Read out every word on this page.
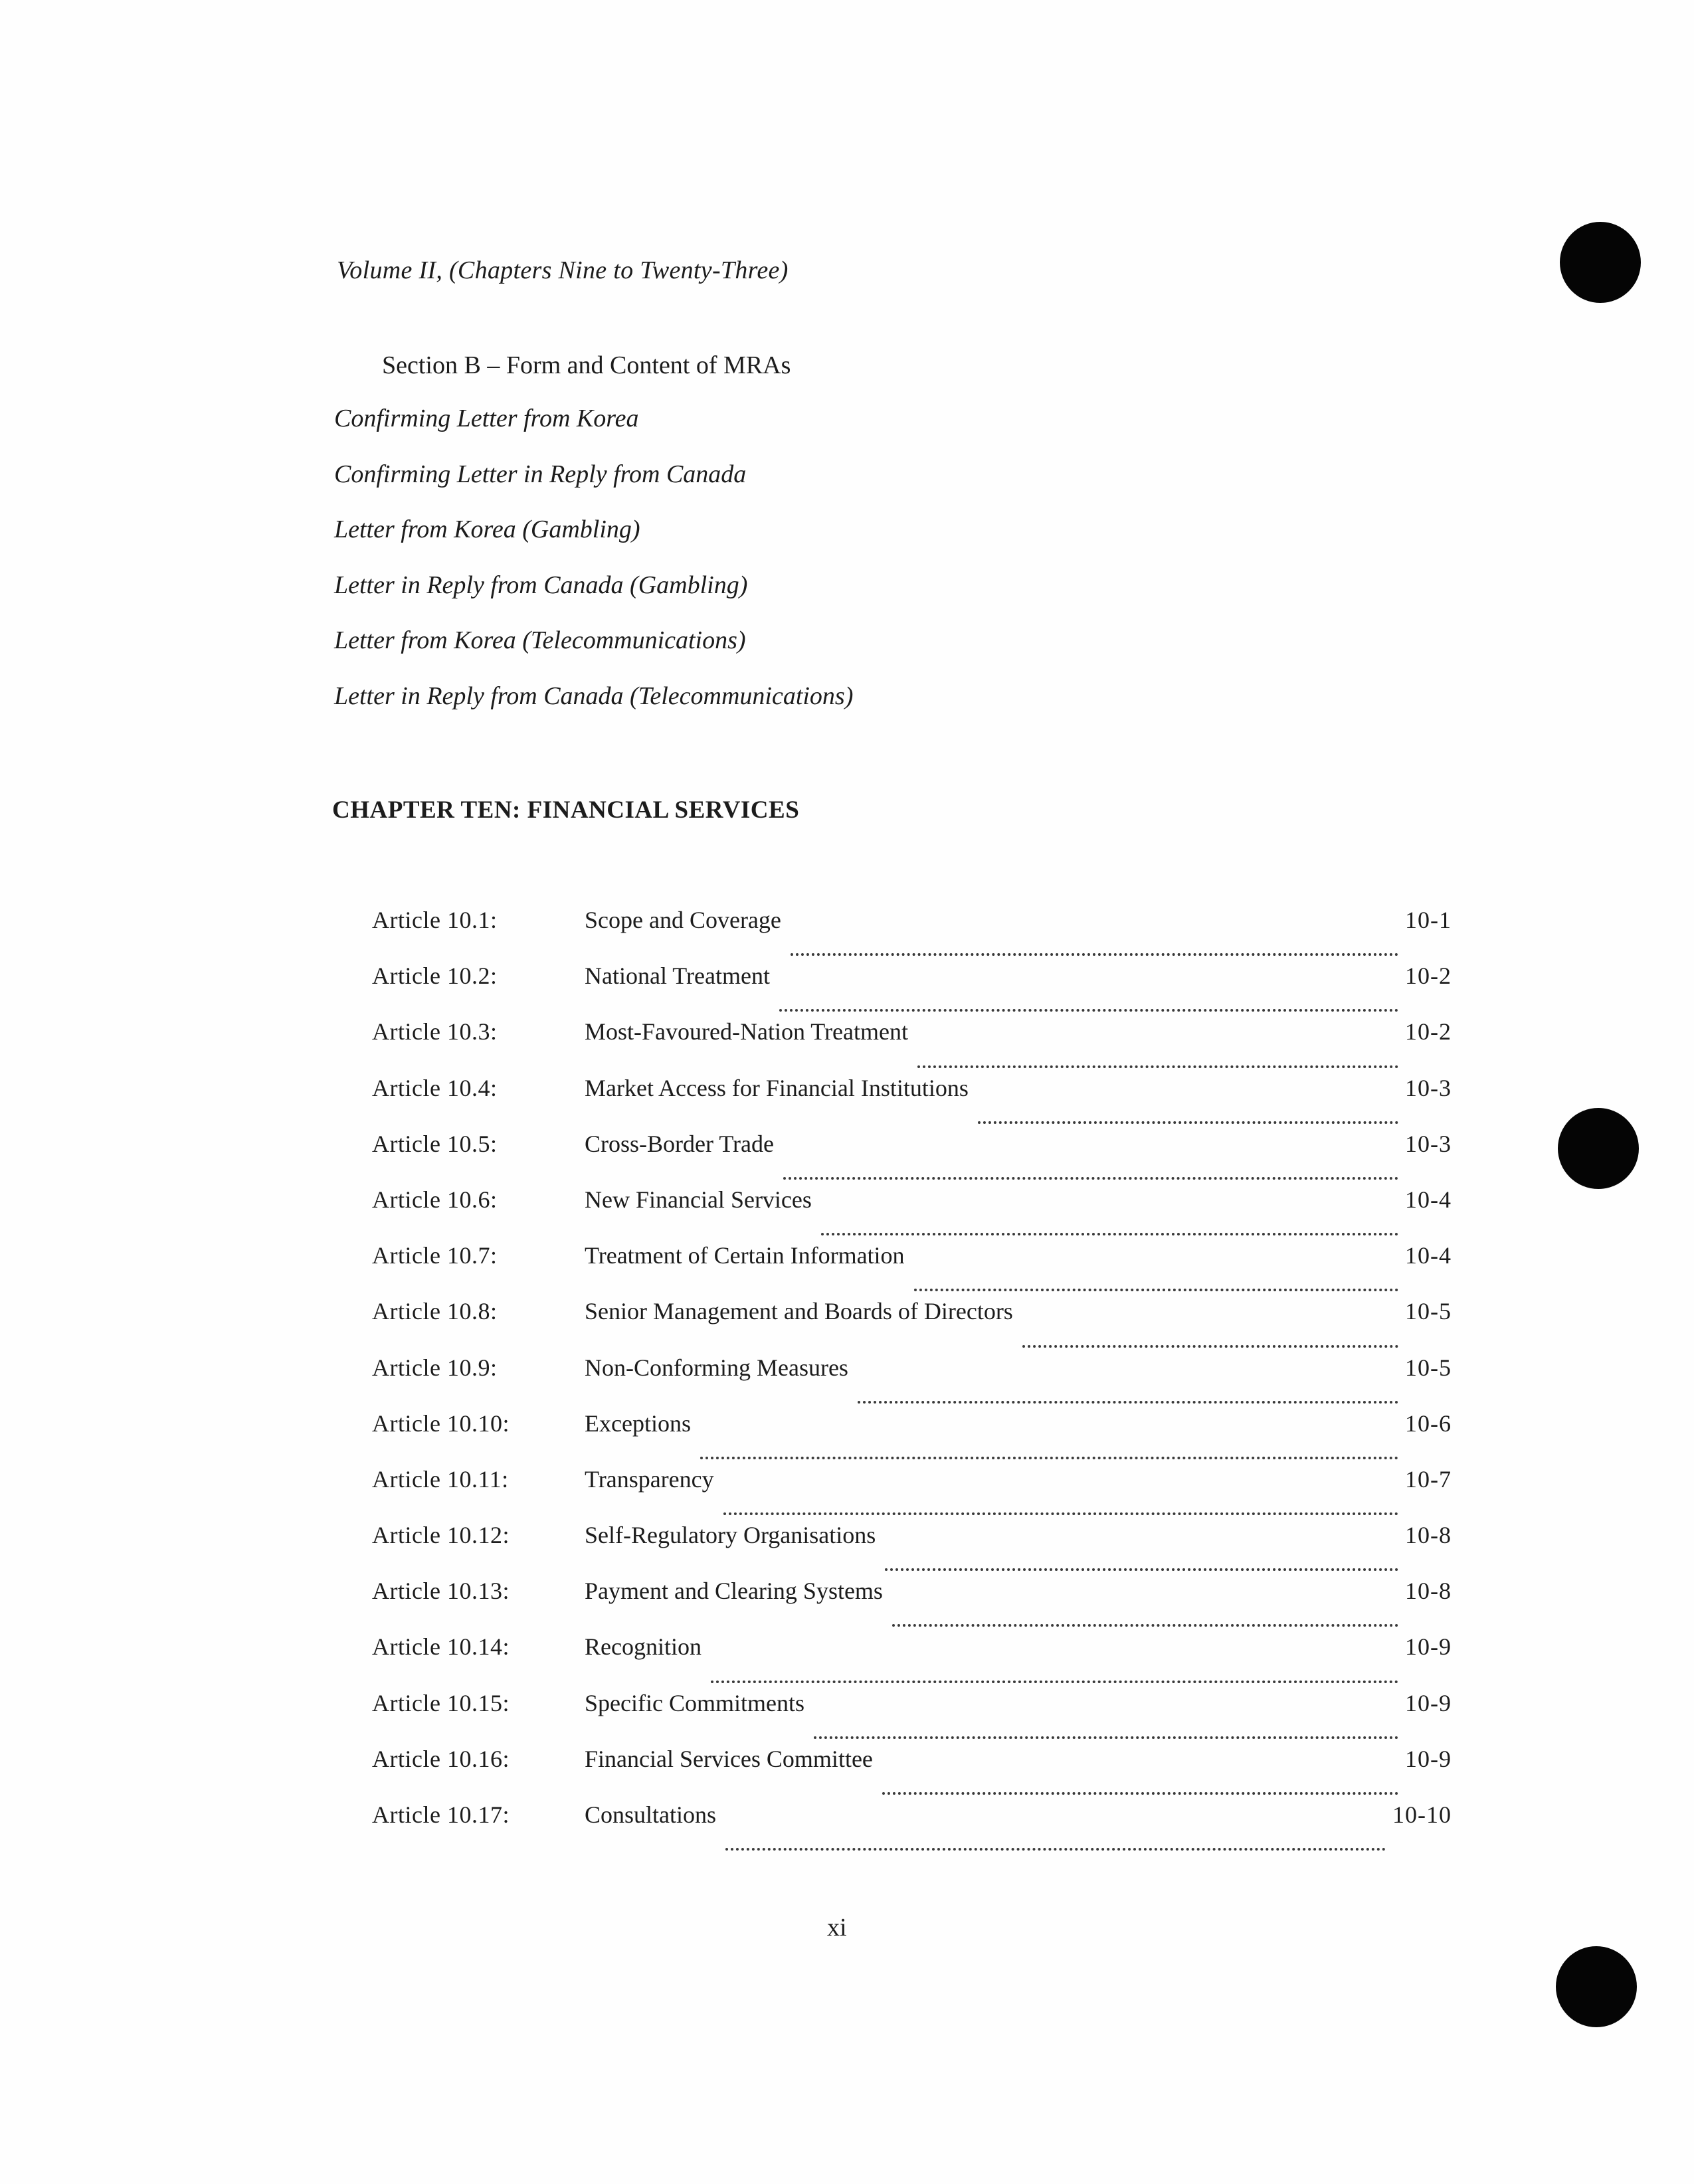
Volume II, (Chapters Nine to Twenty-Three)
Section B – Form and Content of MRAs
Confirming Letter from Korea
Confirming Letter in Reply from Canada
Letter from Korea (Gambling)
Letter in Reply from Canada (Gambling)
Letter from Korea (Telecommunications)
Letter in Reply from Canada (Telecommunications)
CHAPTER TEN: FINANCIAL SERVICES
Article 10.1:	Scope and Coverage	10-1
Article 10.2:	National Treatment	10-2
Article 10.3:	Most-Favoured-Nation Treatment	10-2
Article 10.4:	Market Access for Financial Institutions	10-3
Article 10.5:	Cross-Border Trade	10-3
Article 10.6:	New Financial Services	10-4
Article 10.7:	Treatment of Certain Information	10-4
Article 10.8:	Senior Management and Boards of Directors	10-5
Article 10.9:	Non-Conforming Measures	10-5
Article 10.10:	Exceptions	10-6
Article 10.11:	Transparency	10-7
Article 10.12:	Self-Regulatory Organisations	10-8
Article 10.13:	Payment and Clearing Systems	10-8
Article 10.14:	Recognition	10-9
Article 10.15:	Specific Commitments	10-9
Article 10.16:	Financial Services Committee	10-9
Article 10.17:	Consultations	10-10
xi
